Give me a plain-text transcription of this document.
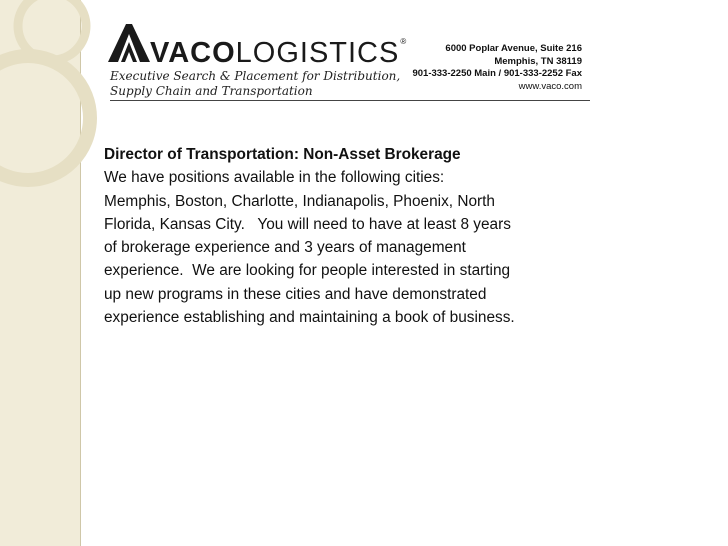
VACOLOGISTICS®
Executive Search & Placement for Distribution,
Supply Chain and Transportation
6000 Poplar Avenue, Suite 216
Memphis, TN 38119
901-333-2250 Main / 901-333-2252 Fax
www.vaco.com
Director of Transportation: Non-Asset Brokerage
We have positions available in the following cities:
Memphis, Boston, Charlotte, Indianapolis, Phoenix, North
Florida, Kansas City.   You will need to have at least 8 years
of brokerage experience and 3 years of management
experience.  We are looking for people interested in starting
up new programs in these cities and have demonstrated
experience establishing and maintaining a book of business.
